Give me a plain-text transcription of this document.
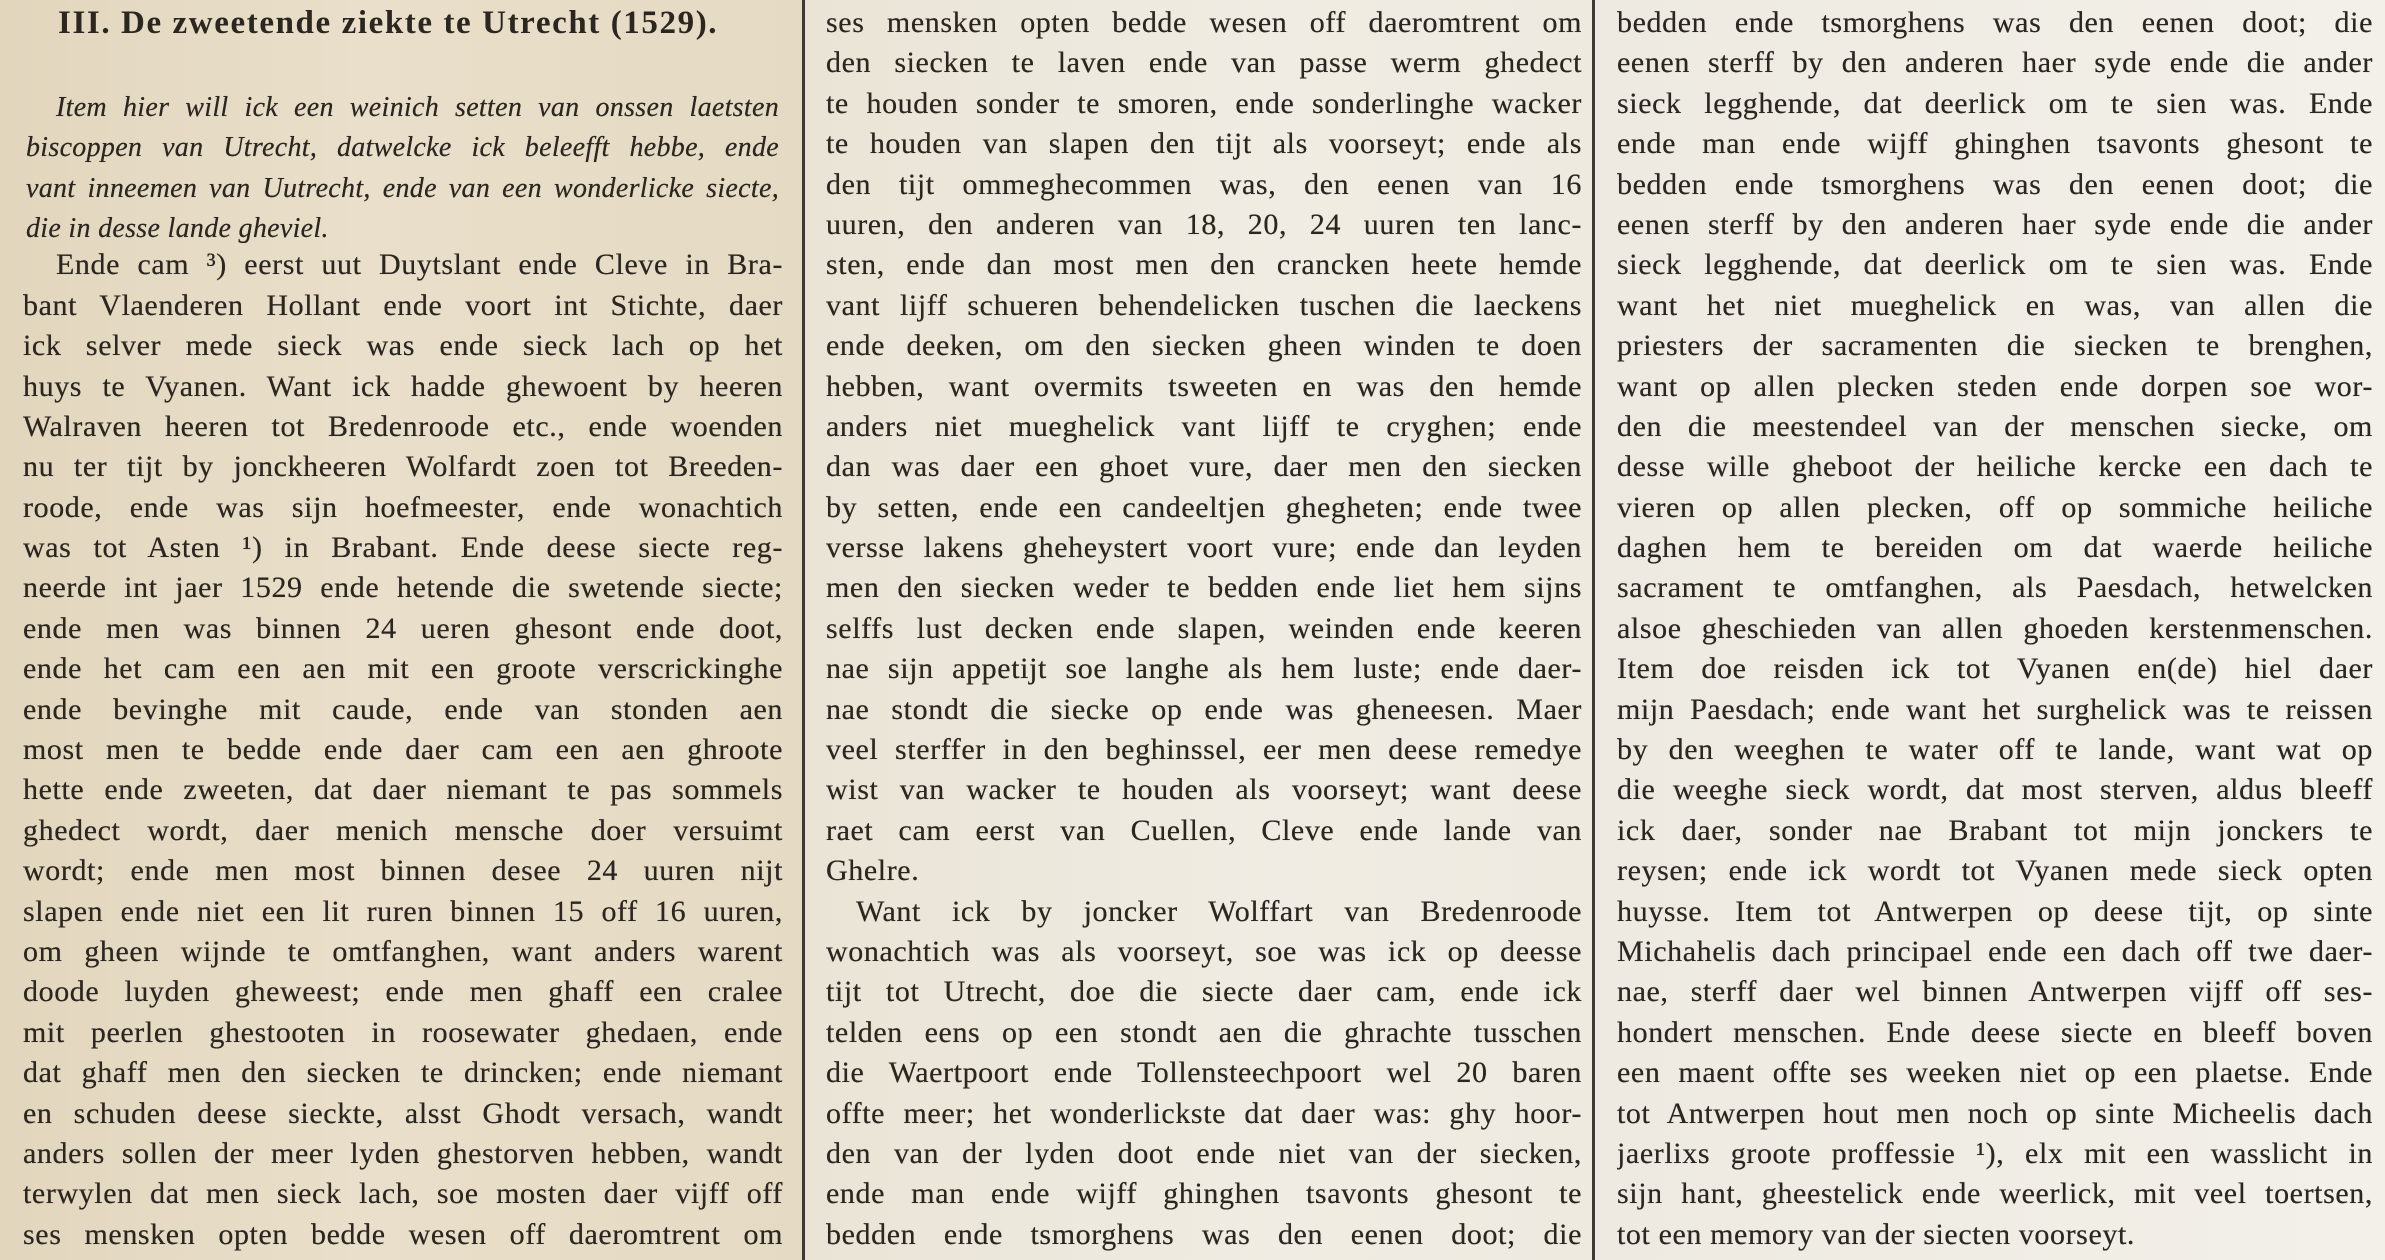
III. De zweetende ziekte te Utrecht (1529).
Item hier will ick een weinich setten van onssen laetsten
biscoppen van Utrecht, datwelcke ick beleefft hebbe, ende
vant inneemen van Uutrecht, ende van een wonderlicke siecte,
die in desse lande gheviel.
Ende cam ³) eerst uut Duytslant ende Cleve in Bra-
bant Vlaenderen Hollant ende voort int Stichte, daer
ick selver mede sieck was ende sieck lach op het
huys te Vyanen. Want ick hadde ghewoent by heeren
Walraven heeren tot Bredenroode etc., ende woenden
nu ter tijt by jonckheeren Wolfardt zoen tot Breeden-
roode, ende was sijn hoefmeester, ende wonachtich
was tot Asten ¹) in Brabant. Ende deese siecte reg-
neerde int jaer 1529 ende hetende die swetende siecte;
ende men was binnen 24 ueren ghesont ende doot,
ende het cam een aen mit een groote verscrickinghe
ende bevinghe mit caude, ende van stonden aen
most men te bedde ende daer cam een aen ghroote
hette ende zweeten, dat daer niemant te pas sommels
ghedect wordt, daer menich mensche doer versuimt
wordt; ende men most binnen desee 24 uuren nijt
slapen ende niet een lit ruren binnen 15 off 16 uuren,
om gheen wijnde te omtfanghen, want anders warent
doode luyden gheweest; ende men ghaff een cralee
mit peerlen ghestooten in roosewater ghedaen, ende
dat ghaff men den siecken te drincken; ende niemant
en schuden deese sieckte, alsst Ghodt versach, wandt
anders sollen der meer lyden ghestorven hebben, wandt
terwylen dat men sieck lach, soe mosten daer vijff off
ses mensken opten bedde wesen off daeromtrent om
ses mensken opten bedde wesen off daeromtrent om
den siecken te laven ende van passe werm ghedect
te houden sonder te smoren, ende sonderlinghe wacker
te houden van slapen den tijt als voorseyt; ende als
den tijt ommeghecommen was, den eenen van 16
uuren, den anderen van 18, 20, 24 uuren ten lanc-
sten, ende dan most men den crancken heete hemde
vant lijff schueren behendelicken tuschen die laeckens
ende deeken, om den siecken gheen winden te doen
hebben, want overmits tsweeten en was den hemde
anders niet mueghelick vant lijff te cryghen; ende
dan was daer een ghoet vure, daer men den siecken
by setten, ende een candeeltjen ghegheten; ende twee
versse lakens gheheystert voort vure; ende dan leyden
men den siecken weder te bedden ende liet hem sijns
selffs lust decken ende slapen, weinden ende keeren
nae sijn appetijt soe langhe als hem luste; ende daer-
nae stondt die siecke op ende was gheneesen. Maer
veel sterffer in den beghinssel, eer men deese remedye
wist van wacker te houden als voorseyt; want deese
raet cam eerst van Cuellen, Cleve ende lande van
Ghelre.
Want ick by joncker Wolffart van Bredenroode
wonachtich was als voorseyt, soe was ick op deesse
tijt tot Utrecht, doe die siecte daer cam, ende ick
telden eens op een stondt aen die ghrachte tusschen
die Waertpoort ende Tollensteechpoort wel 20 baren
offte meer; het wonderlickste dat daer was: ghy hoor-
den van der lyden doot ende niet van der siecken,
ende man ende wijff ghinghen tsavonts ghesont te
bedden ende tsmorghens was den eenen doot; die
bedden ende tsmorghens was den eenen doot; die
eenen sterff by den anderen haer syde ende die ander
sieck legghende, dat deerlick om te sien was. Ende
ende man ende wijff ghinghen tsavonts ghesont te
bedden ende tsmorghens was den eenen doot; die
eenen sterff by den anderen haer syde ende die ander
sieck legghende, dat deerlick om te sien was. Ende
want het niet mueghelick en was, van allen die
priesters der sacramenten die siecken te brenghen,
want op allen plecken steden ende dorpen soe wor-
den die meestendeel van der menschen siecke, om
desse wille gheboot der heiliche kercke een dach te
vieren op allen plecken, off op sommiche heiliche
daghen hem te bereiden om dat waerde heiliche
sacrament te omtfanghen, als Paesdach, hetwelcken
alsoe gheschieden van allen ghoeden kerstenmenschen.
Item doe reisden ick tot Vyanen en(de) hiel daer
mijn Paesdach; ende want het surghelick was te reissen
by den weeghen te water off te lande, want wat op
die weeghe sieck wordt, dat most sterven, aldus bleeff
ick daer, sonder nae Brabant tot mijn jonckers te
reysen; ende ick wordt tot Vyanen mede sieck opten
huysse. Item tot Antwerpen op deese tijt, op sinte
Michahelis dach principael ende een dach off twe daer-
nae, sterff daer wel binnen Antwerpen vijff off ses-
hondert menschen. Ende deese siecte en bleeff boven
een maent offte ses weeken niet op een plaetse. Ende
tot Antwerpen hout men noch op sinte Micheelis dach
jaerlixs groote proffessie ¹), elx mit een wasslicht in
sijn hant, gheestelick ende weerlick, mit veel toertsen,
tot een memory van der siecten voorseyt.
